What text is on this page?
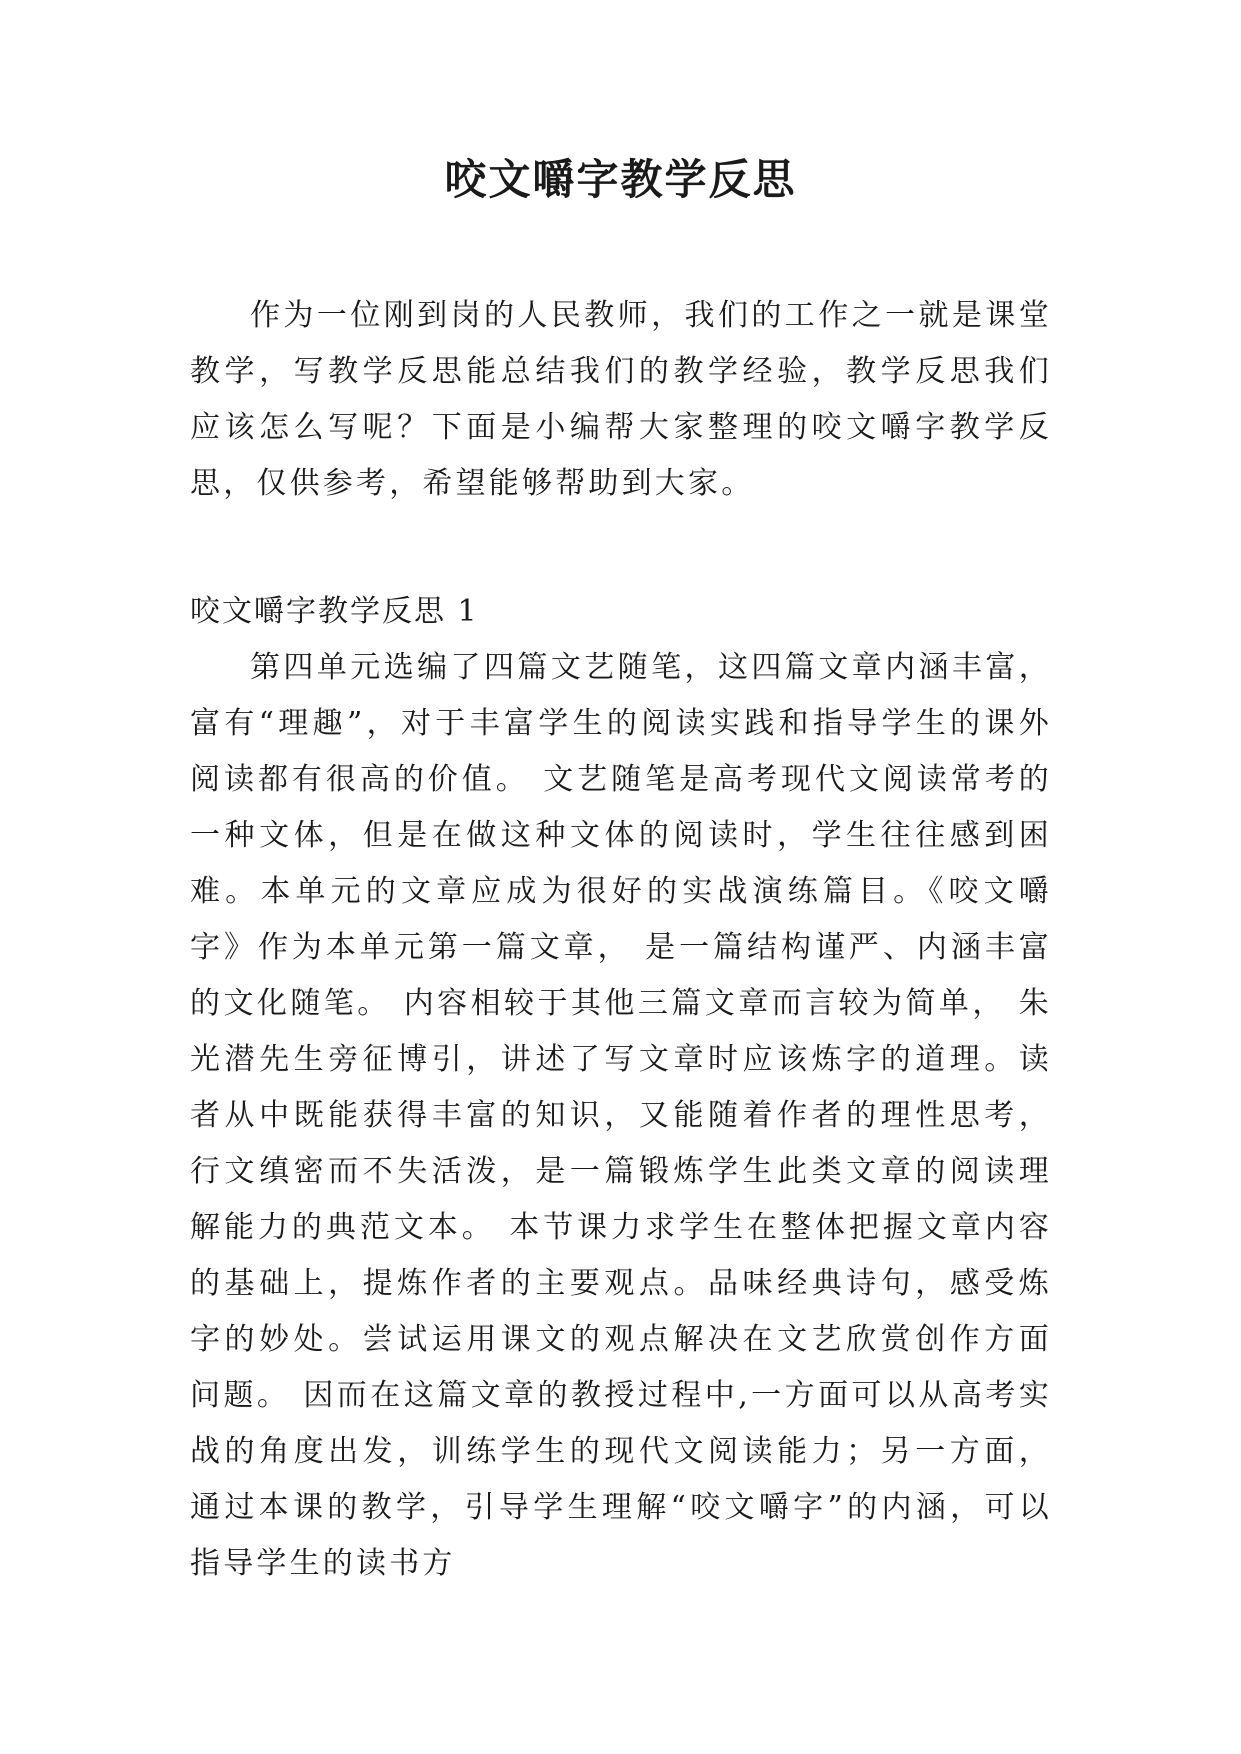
咬文嚼字教学反思

作为一位刚到岗的人民教师，我们的工作之一就是课堂教学，写教学反思能总结我们的教学经验，教学反思我们应该怎么写呢？下面是小编帮大家整理的咬文嚼字教学反思，仅供参考，希望能够帮助到大家。

咬文嚼字教学反思 1

第四单元选编了四篇文艺随笔，这四篇文章内涵丰富，富有“理趣”，对于丰富学生的阅读实践和指导学生的课外阅读都有很高的价值。 文艺随笔是高考现代文阅读常考的一种文体，但是在做这种文体的阅读时，学生往往感到困难。本单元的文章应成为很好的实战演练篇目。《咬文嚼字》作为本单元第一篇文章， 是一篇结构谨严、内涵丰富的文化随笔。 内容相较于其他三篇文章而言较为简单， 朱光潜先生旁征博引，讲述了写文章时应该炼字的道理。读者从中既能获得丰富的知识，又能随着作者的理性思考， 行文缜密而不失活泼，是一篇锻炼学生此类文章的阅读理解能力的典范文本。 本节课力求学生在整体把握文章内容的基础上，提炼作者的主要观点。品味经典诗句，感受炼字的妙处。尝试运用课文的观点解决在文艺欣赏创作方面问题。 因而在这篇文章的教授过程中,一方面可以从高考实战的角度出发，训练学生的现代文阅读能力；另一方面，通过本课的教学，引导学生理解“咬文嚼字”的内涵，可以指导学生的读书方
